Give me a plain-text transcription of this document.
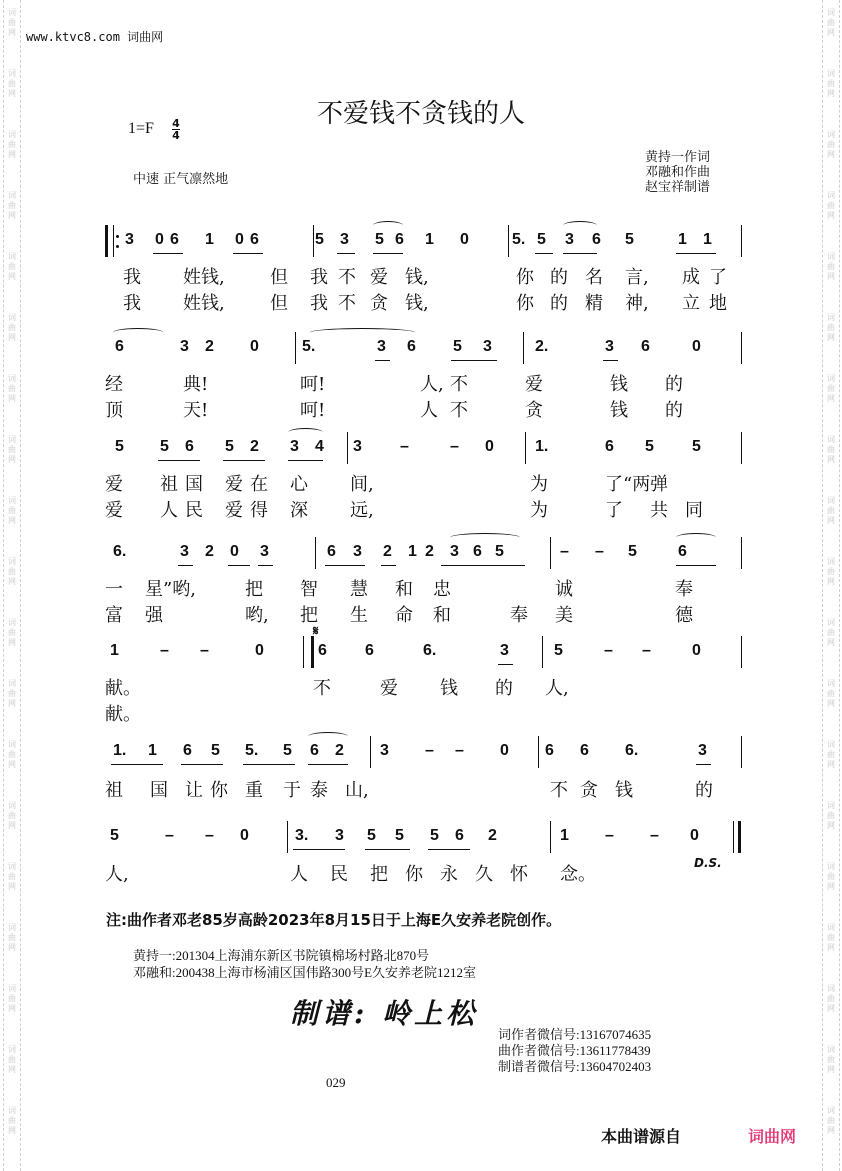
词
曲
网
词
曲
网
词
曲
网
词
曲
网
词
曲
网
词
曲
网
词
曲
网
词
曲
网
词
曲
网
词
曲
网
词
曲
网
词
曲
网
词
曲
网
词
曲
网
词
曲
网
词
曲
网
词
曲
网
词
曲
网
词
曲
网
词
曲
网
词
曲
网
词
曲
网
词
曲
网
词
曲
网
词
曲
网
词
曲
网
词
曲
网
词
曲
网
词
曲
网
词
曲
网
词
曲
网
词
曲
网
词
曲
网
词
曲
网
词
曲
网
词
曲
网
词
曲
网
词
曲
网
www.ktvc8.com 词曲网
不爱钱不贪钱的人
1=F 4
4
中速 正气凛然地
黄持一作词
邓融和作曲
赵宝祥制谱
3 0 6 1 0 6	5 3 5 6 1 0	5. 5 3 6 5	1 1
我 姓钱,	但 我 不 爱 钱,	你 的 名 言, 成 了
我 姓钱,	但 我 不 贪 钱,	你 的 精 神, 立 地
6	3 2 0	5.	3 6 5 3	2.	3 6	0
经	典!	呵!	不	爱	钱 的
人,
顶	天!	呵!	不	贪	钱 的
人
5 5 6 5 2 3 4 3 –	– 0	1.	6 5 5
爱 祖 国 爱 在 心 间,	为	了“两 弹
爱 人 民 爱 得 深 远,	为	了 共 同
6.	3 2 0 3	6 3 2 1 2 3 6 5	– – 5	6
一 星”哟,	把 智 慧 和 忠	诚	奉
富 强	哟, 把 生 命 和	美	德
奉
1	– –	0	6 6	6.	3	5	– –	0
献。	不	爱 钱 的 人,
献。
1. 1 6 5 5. 5 6 2 3 – – 0 6 6 6.	3
祖 国 让 你 重 于 泰 山,	不 贪 钱	的
5	– – 0	3. 3 5 5 5 6 2	1 – – 0
人,	人 民 把 你 永 久 怀 念。
𝄋
D.S.
注:曲作者邓老85岁高龄2023年8月15日于上海E久安养老院创作。
黄持一:201304上海浦东新区书院镇棉场村路北870号
邓融和:200438上海市杨浦区国伟路300号E久安养老院1212室
制谱: 岭上松
词作者微信号:13167074635
曲作者微信号:13611778439
制谱者微信号:13604702403
029
本曲谱源自	词曲网
